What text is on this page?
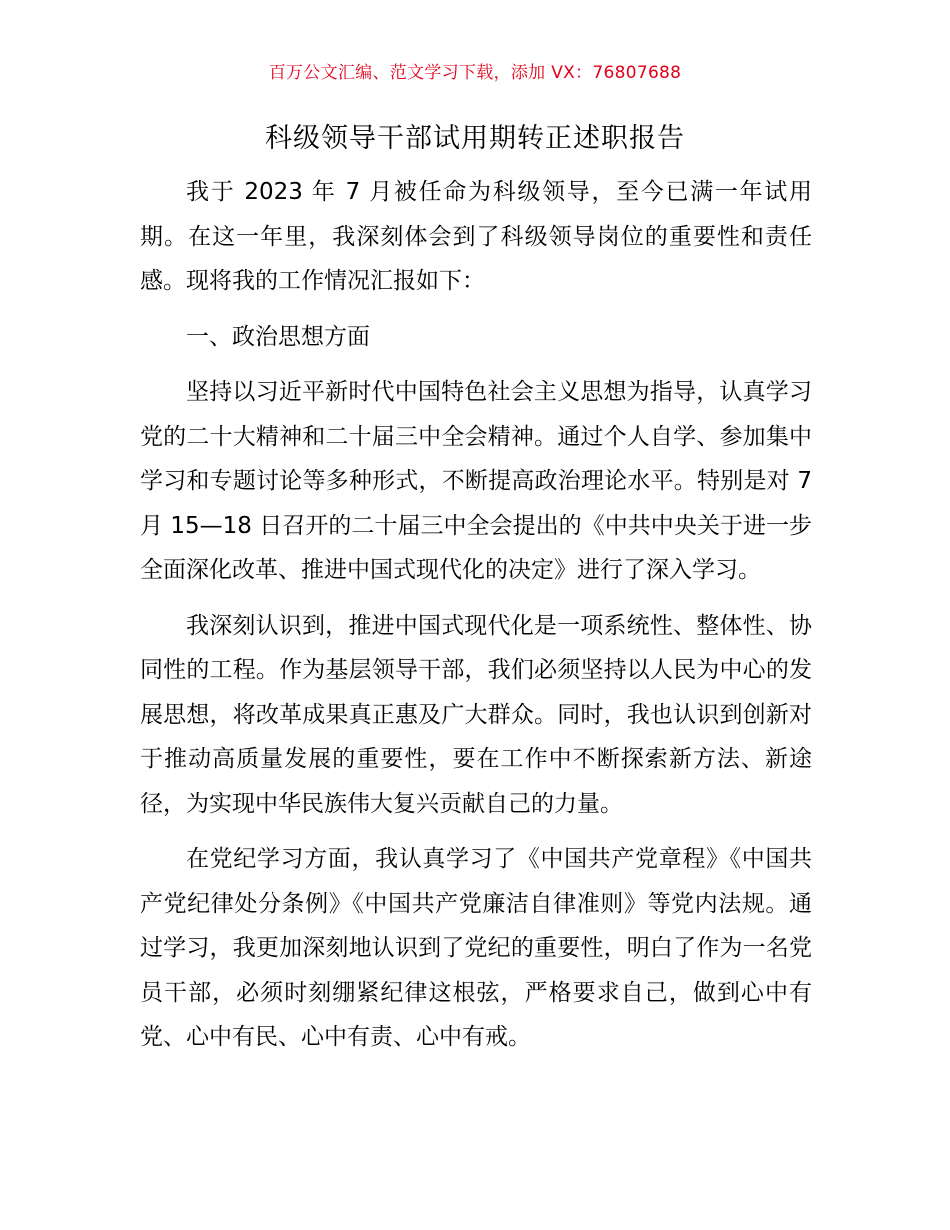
百万公文汇编、范文学习下载，添加 VX：76807688
科级领导干部试用期转正述职报告

我于 2023 年 7 月被任命为科级领导，至今已满一年试用期。在这一年里，我深刻体会到了科级领导岗位的重要性和责任感。现将我的工作情况汇报如下：

一、政治思想方面

坚持以习近平新时代中国特色社会主义思想为指导，认真学习党的二十大精神和二十届三中全会精神。通过个人自学、参加集中学习和专题讨论等多种形式，不断提高政治理论水平。特别是对 7 月 15—18 日召开的二十届三中全会提出的《中共中央关于进一步全面深化改革、推进中国式现代化的决定》进行了深入学习。

我深刻认识到，推进中国式现代化是一项系统性、整体性、协同性的工程。作为基层领导干部，我们必须坚持以人民为中心的发展思想，将改革成果真正惠及广大群众。同时，我也认识到创新对于推动高质量发展的重要性，要在工作中不断探索新方法、新途径，为实现中华民族伟大复兴贡献自己的力量。

在党纪学习方面，我认真学习了《中国共产党章程》《中国共产党纪律处分条例》《中国共产党廉洁自律准则》等党内法规。通过学习，我更加深刻地认识到了党纪的重要性，明白了作为一名党员干部，必须时刻绷紧纪律这根弦，严格要求自己，做到心中有党、心中有民、心中有责、心中有戒。
